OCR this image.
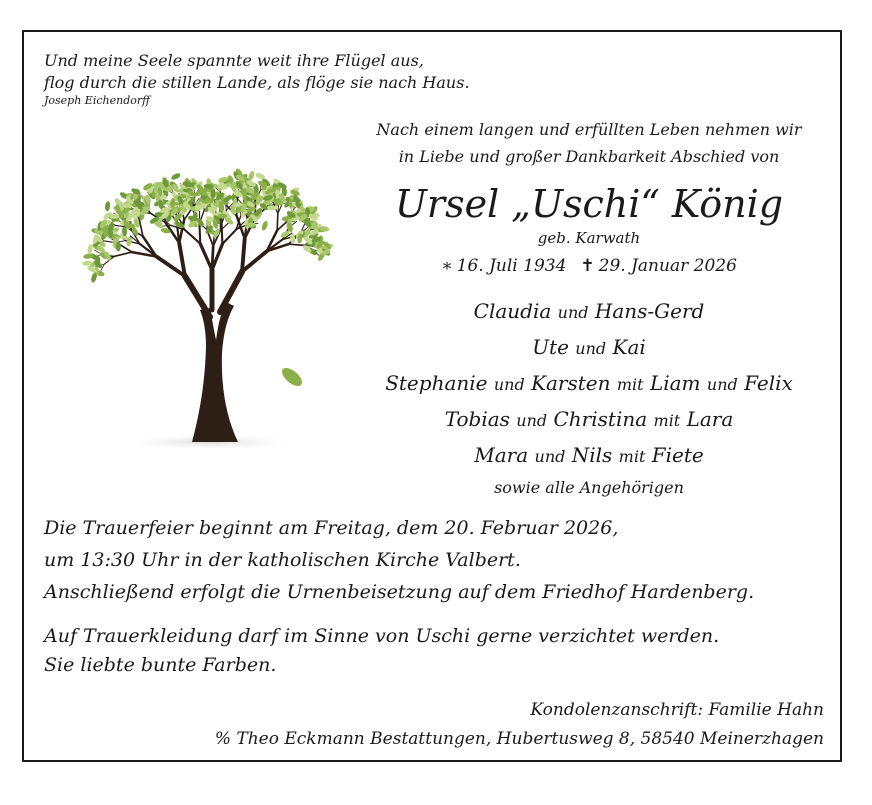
Und meine Seele spannte weit ihre Flügel aus,
flog durch die stillen Lande, als flöge sie nach Haus.
Joseph Eichendorff
Nach einem langen und erfüllten Leben nehmen wir
in Liebe und großer Dankbarkeit Abschied von
Ursel „Uschi“ König
geb. Karwath
∗ 16. Juli 1934 ✝ 29. Januar 2026
Claudia und Hans-Gerd
Ute und Kai
Stephanie und Karsten mit Liam und Felix
Tobias und Christina mit Lara
Mara und Nils mit Fiete
sowie alle Angehörigen
Die Trauerfeier beginnt am Freitag, dem 20. Februar 2026,
um 13:30 Uhr in der katholischen Kirche Valbert.
Anschließend erfolgt die Urnenbeisetzung auf dem Friedhof Hardenberg.
Auf Trauerkleidung darf im Sinne von Uschi gerne verzichtet werden.
Sie liebte bunte Farben.
Kondolenzanschrift: Familie Hahn
% Theo Eckmann Bestattungen, Hubertusweg 8, 58540 Meinerzhagen
